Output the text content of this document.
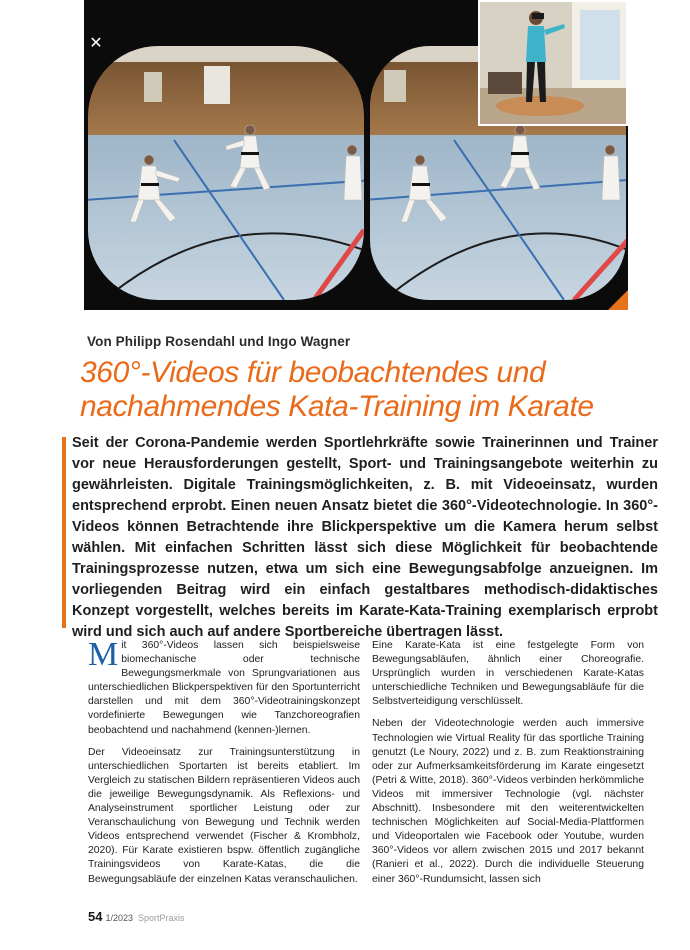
✕
Von Philipp Rosendahl und Ingo Wagner
360°-Videos für beobachtendes und nachahmendes Kata-Training im Karate
Seit der Corona-Pandemie werden Sportlehrkräfte sowie Trainerinnen und Trainer vor neue Herausforderungen gestellt, Sport- und Trainingsangebote weiterhin zu gewährleisten. Digitale Trainingsmöglichkeiten, z. B. mit Videoeinsatz, wurden entsprechend erprobt. Einen neuen Ansatz bietet die 360°-Videotechnologie. In 360°-Videos können Betrachtende ihre Blickperspektive um die Kamera herum selbst wählen. Mit einfachen Schritten lässt sich diese Möglichkeit für beobachtende Trainingsprozesse nutzen, etwa um sich eine Bewegungsabfolge anzueignen. Im vorliegenden Beitrag wird ein einfach gestaltbares methodisch-didaktisches Konzept vorgestellt, welches bereits im Karate-Kata-Training exemplarisch erprobt wird und sich auch auf andere Sportbereiche übertragen lässt.

Mit 360°-Videos lassen sich beispielsweise biomechanische oder technische Bewegungsmerkmale von Sprungvariationen aus unterschiedlichen Blickperspektiven für den Sportunterricht darstellen und mit dem 360°-Videotrainingskonzept vordefinierte Bewegungen wie Tanzchoreografien beobachtend und nachahmend (kennen-)lernen.

Der Videoeinsatz zur Trainingsunterstützung in unterschiedlichen Sportarten ist bereits etabliert. Im Vergleich zu statischen Bildern repräsentieren Videos auch die jeweilige Bewegungsdynamik. Als Reflexions- und Analyseinstrument sportlicher Leistung oder zur Veranschaulichung von Bewegung und Technik werden Videos entsprechend verwendet (Fischer & Krombholz, 2020). Für Karate existieren bspw. öffentlich zugängliche Trainingsvideos von Karate-Katas, die die Bewegungsabläufe der einzelnen Katas veranschaulichen.

Eine Karate-Kata ist eine festgelegte Form von Bewegungsabläufen, ähnlich einer Choreografie. Ursprünglich wurden in verschiedenen Karate-Katas unterschiedliche Techniken und Bewegungsabläufe für die Selbstverteidigung verschlüsselt.

Neben der Videotechnologie werden auch immersive Technologien wie Virtual Reality für das sportliche Training genutzt (Le Noury, 2022) und z. B. zum Reaktionstraining oder zur Aufmerksamkeitsförderung im Karate eingesetzt (Petri & Witte, 2018). 360°-Videos verbinden herkömmliche Videos mit immersiver Technologie (vgl. nächster Abschnitt). Insbesondere mit den weiterentwickelten technischen Möglichkeiten auf Social-Media-Plattformen und Videoportalen wie Facebook oder Youtube, wurden 360°-Videos vor allem zwischen 2015 und 2017 bekannt (Ranieri et al., 2022). Durch die individuelle Steuerung einer 360°-Rundumsicht, lassen sich

54 1/2023 SportPraxis
